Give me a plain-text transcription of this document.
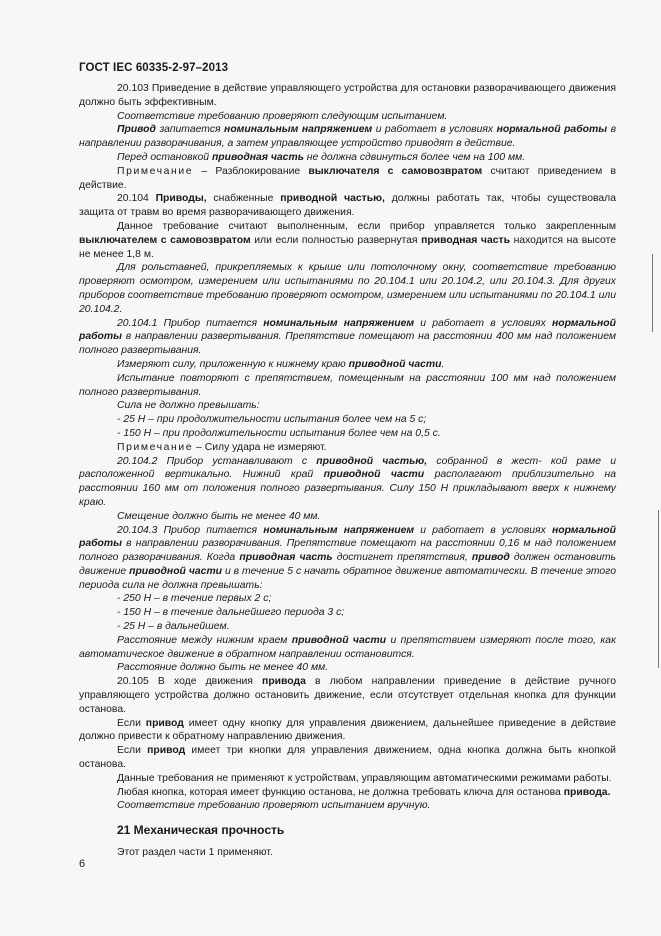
ГОСТ IEC 60335-2-97–2013

20.103 Приведение в действие управляющего устройства для остановки разворачивающего движения должно быть эффективным.

Соответствие требованию проверяют следующим испытанием.

Привод запитается номинальным напряжением и работает в условиях нормальной работы в направлении разворачивания, а затем управляющее устройство приводят в действие.

Перед остановкой приводная часть не должна сдвинуться более чем на 100 мм.

Примечание – Разблокирование выключателя с самовозвратом считают приведением в действие.

20.104 Приводы, снабженные приводной частью, должны работать так, чтобы существовала защита от травм во время разворачивающего движения.

Данное требование считают выполненным, если прибор управляется только закрепленным выключателем с самовозвратом или если полностью развернутая приводная часть находится на высоте не менее 1,8 м.

Для рольставней, прикрепляемых к крыше или потолочному окну, соответствие требованию проверяют осмотром, измерением или испытаниями по 20.104.1 или 20.104.2, или 20.104.3. Для других приборов соответствие требованию проверяют осмотром, измерением или испытаниями по 20.104.1 или 20.104.2.

20.104.1 Прибор питается номинальным напряжением и работает в условиях нормальной работы в направлении развертывания. Препятствие помещают на расстоянии 400 мм над положением полного развертывания.

Измеряют силу, приложенную к нижнему краю приводной части.

Испытание повторяют с препятствием, помещенным на расстоянии 100 мм над положением полного развертывания.

Сила не должно превышать:

- 25 Н – при продолжительности испытания более чем на 5 с;

- 150 Н – при продолжительности испытания более чем на 0,5 с.

Примечание – Силу удара не измеряют.

20.104.2 Прибор устанавливают с приводной частью, собранной в жест- кой раме и расположенной вертикально. Нижний край приводной части располагают приблизительно на расстоянии 160 мм от положения полного развертывания. Силу 150 Н прикладывают вверх к нижнему краю.

Смещение должно быть не менее 40 мм.

20.104.3 Прибор питается номинальным напряжением и работает в условиях нормальной работы в направлении разворачивания. Препятствие помещают на расстоянии 0,16 м над положением полного разворачивания. Когда приводная часть достигнет препятствия, привод должен остановить движение приводной части и в течение 5 с начать обратное движение автоматически. В течение этого периода сила не должна превышать:

- 250 Н – в течение первых 2 с;

- 150 Н – в течение дальнейшего периода 3 с;

- 25 Н – в дальнейшем.

Расстояние между нижним краем приводной части и препятствием измеряют после того, как автоматическое движение в обратном направлении остановится.

Расстояние должно быть не менее 40 мм.

20.105 В ходе движения привода в любом направлении приведение в действие ручного управляющего устройства должно остановить движение, если отсутствует отдельная кнопка для функции останова.

Если привод имеет одну кнопку для управления движением, дальнейшее приведение в действие должно привести к обратному направлению движения.

Если привод имеет три кнопки для управления движением, одна кнопка должна быть кнопкой останова.

Данные требования не применяют к устройствам, управляющим автоматическими режимами работы.

Любая кнопка, которая имеет функцию останова, не должна требовать ключа для останова привода.

Соответствие требованию проверяют испытанием вручную.

21 Механическая прочность

Этот раздел части 1 применяют.

6
